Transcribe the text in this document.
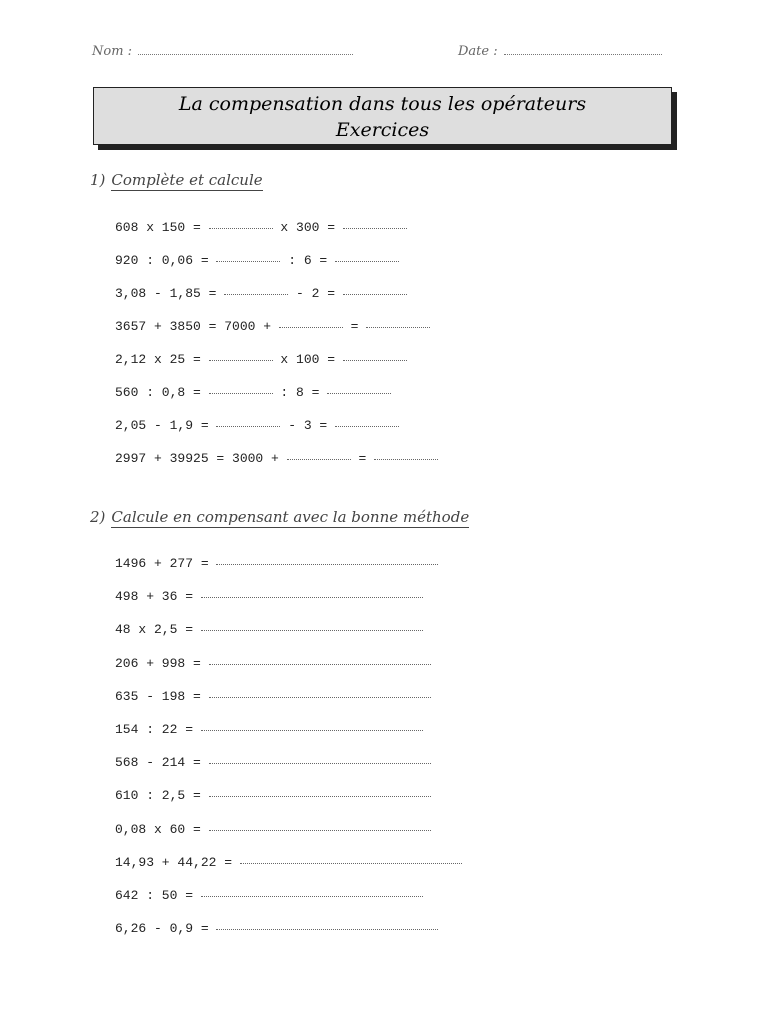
Nom :	Date :
La compensation dans tous les opérateurs
Exercices
1) Complète et calcule
608 x 150 =	x 300 =
920 : 0,06 =	: 6 =
3,08 - 1,85 =	- 2 =
3657 + 3850 = 7000 +	=
2,12 x 25 =	x 100 =
560 : 0,8 =	: 8 =
2,05 - 1,9 =	- 3 =
2997 + 39925 = 3000 +	=
2) Calcule en compensant avec la bonne méthode
1496 + 277 =
498 + 36 =
48 x 2,5 =
206 + 998 =
635 - 198 =
154 : 22 =
568 - 214 =
610 : 2,5 =
0,08 x 60 =
14,93 + 44,22 =
642 : 50 =
6,26 - 0,9 =
